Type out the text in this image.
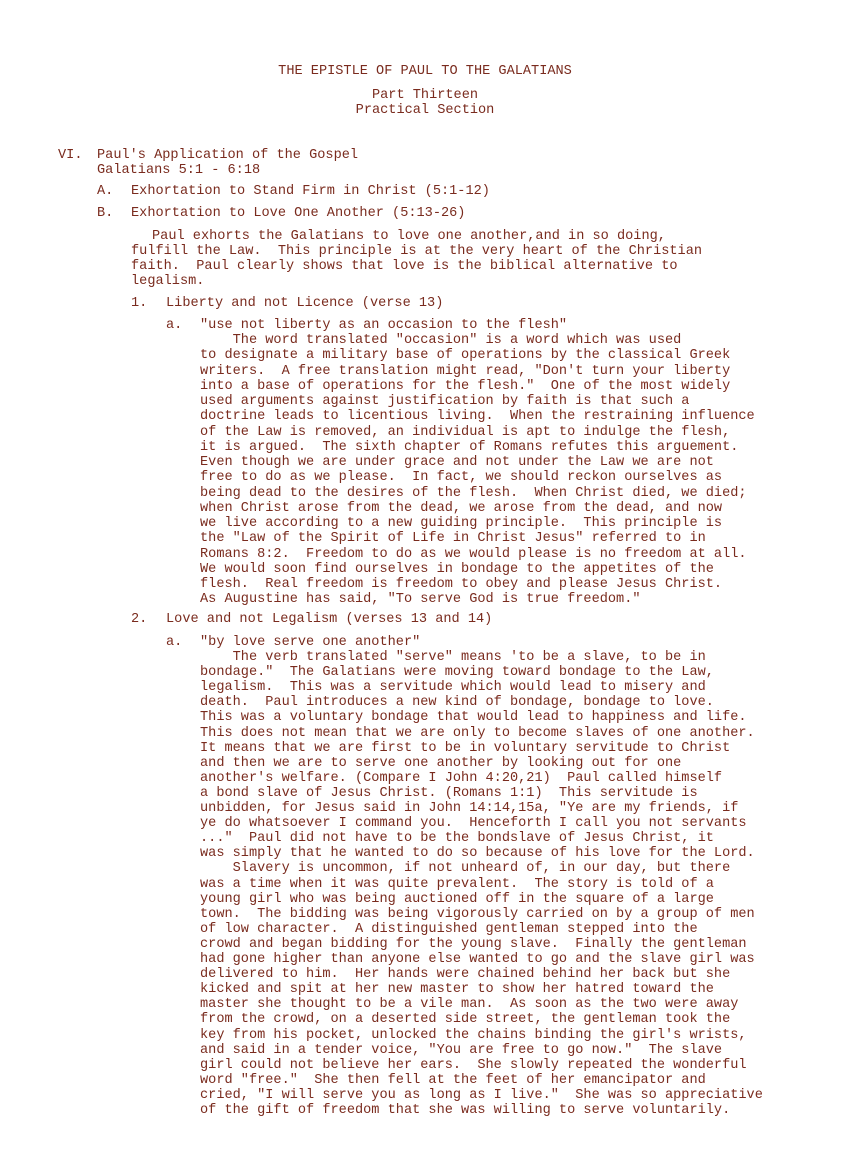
THE EPISTLE OF PAUL TO THE GALATIANS
Part Thirteen
Practical Section
VI. Paul's Application of the Gospel
Galatians 5:1 - 6:18
A. Exhortation to Stand Firm in Christ (5:1-12)
B. Exhortation to Love One Another (5:13-26)
Paul exhorts the Galatians to love one another,and in so doing,
fulfill the Law.  This principle is at the very heart of the Christian
faith.  Paul clearly shows that love is the biblical alternative to
legalism.
1. Liberty and not Licence (verse 13)
a. "use not liberty as an occasion to the flesh"
The word translated "occasion" is a word which was used
to designate a military base of operations by the classical Greek
writers.  A free translation might read, "Don't turn your liberty
into a base of operations for the flesh."  One of the most widely
used arguments against justification by faith is that such a
doctrine leads to licentious living.  When the restraining influence
of the Law is removed, an individual is apt to indulge the flesh,
it is argued.  The sixth chapter of Romans refutes this arguement.
Even though we are under grace and not under the Law we are not
free to do as we please.  In fact, we should reckon ourselves as
being dead to the desires of the flesh.  When Christ died, we died;
when Christ arose from the dead, we arose from the dead, and now
we live according to a new guiding principle.  This principle is
the "Law of the Spirit of Life in Christ Jesus" referred to in
Romans 8:2.  Freedom to do as we would please is no freedom at all.
We would soon find ourselves in bondage to the appetites of the
flesh.  Real freedom is freedom to obey and please Jesus Christ.
As Augustine has said, "To serve God is true freedom."
2. Love and not Legalism (verses 13 and 14)
a. "by love serve one another"
The verb translated "serve" means 'to be a slave, to be in
bondage."  The Galatians were moving toward bondage to the Law,
legalism.  This was a servitude which would lead to misery and
death.  Paul introduces a new kind of bondage, bondage to love.
This was a voluntary bondage that would lead to happiness and life.
This does not mean that we are only to become slaves of one another.
It means that we are first to be in voluntary servitude to Christ
and then we are to serve one another by looking out for one
another's welfare. (Compare I John 4:20,21)  Paul called himself
a bond slave of Jesus Christ. (Romans 1:1)  This servitude is
unbidden, for Jesus said in John 14:14,15a, "Ye are my friends, if
ye do whatsoever I command you.  Henceforth I call you not servants
..."  Paul did not have to be the bondslave of Jesus Christ, it
was simply that he wanted to do so because of his love for the Lord.
Slavery is uncommon, if not unheard of, in our day, but there
was a time when it was quite prevalent.  The story is told of a
young girl who was being auctioned off in the square of a large
town.  The bidding was being vigorously carried on by a group of men
of low character.  A distinguished gentleman stepped into the
crowd and began bidding for the young slave.  Finally the gentleman
had gone higher than anyone else wanted to go and the slave girl was
delivered to him.  Her hands were chained behind her back but she
kicked and spit at her new master to show her hatred toward the
master she thought to be a vile man.  As soon as the two were away
from the crowd, on a deserted side street, the gentleman took the
key from his pocket, unlocked the chains binding the girl's wrists,
and said in a tender voice, "You are free to go now."  The slave
girl could not believe her ears.  She slowly repeated the wonderful
word "free."  She then fell at the feet of her emancipator and
cried, "I will serve you as long as I live."  She was so appreciative
of the gift of freedom that she was willing to serve voluntarily.
